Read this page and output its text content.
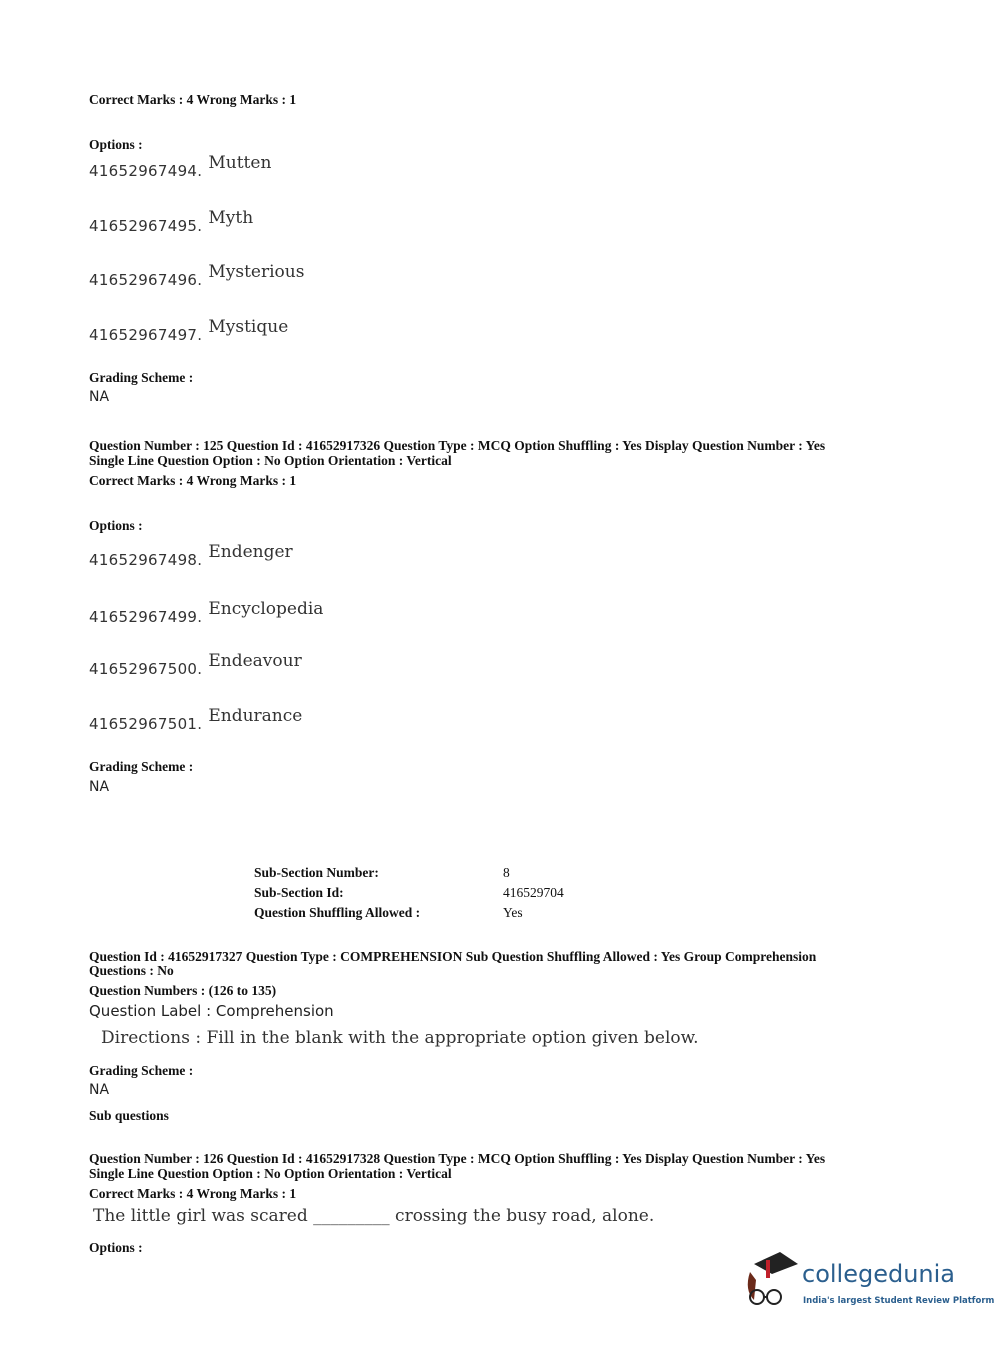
Correct Marks : 4 Wrong Marks : 1
Options :
41652967494. Mutten
41652967495. Myth
41652967496. Mysterious
41652967497. Mystique
Grading Scheme :
NA
Question Number : 125 Question Id : 41652917326 Question Type : MCQ Option Shuffling : Yes Display Question Number : Yes
Single Line Question Option : No Option Orientation : Vertical
Correct Marks : 4 Wrong Marks : 1
Options :
41652967498. Endenger
41652967499. Encyclopedia
41652967500. Endeavour
41652967501. Endurance
Grading Scheme :
NA
Sub-Section Number:	8
Sub-Section Id:	416529704
Question Shuffling Allowed :	Yes
Question Id : 41652917327 Question Type : COMPREHENSION Sub Question Shuffling Allowed : Yes Group Comprehension
Questions : No
Question Numbers : (126 to 135)
Question Label : Comprehension
Directions : Fill in the blank with the appropriate option given below.
Grading Scheme :
NA
Sub questions
Question Number : 126 Question Id : 41652917328 Question Type : MCQ Option Shuffling : Yes Display Question Number : Yes
Single Line Question Option : No Option Orientation : Vertical
Correct Marks : 4 Wrong Marks : 1
The little girl was scared _________ crossing the busy road, alone.
Options :
collegedunia
India's largest Student Review Platform
